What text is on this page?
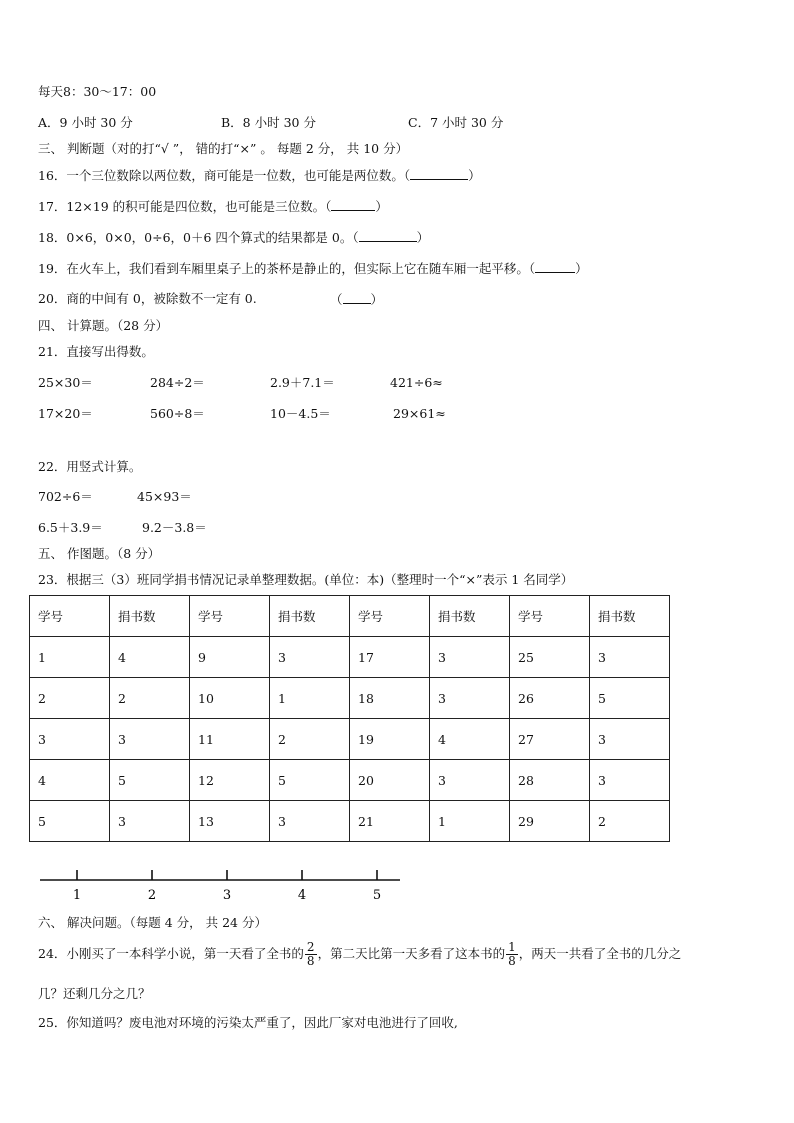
每天8：30～17：00
A．9 小时 30 分	B．8 小时 30 分	C．7 小时 30 分
三、 判断题（对的打“√ ”， 错的打“×” 。 每题 2 分， 共 10 分）
16．一个三位数除以两位数，商可能是一位数，也可能是两位数。（	）
17．12×19 的积可能是四位数，也可能是三位数。（	）
18．0×6，0×0，0÷6，0＋6 四个算式的结果都是 0。（	）
19．在火车上，我们看到车厢里桌子上的茶杯是静止的，但实际上它在随车厢一起平移。（	）
20．商的中间有 0，被除数不一定有 0.	（ ）
四、 计算题。（28 分）
21．直接写出得数。
25×30＝	284÷2＝	2.9＋7.1＝	421÷6≈
17×20＝	560÷8＝	10－4.5＝	29×61≈
22．用竖式计算。
702÷6＝	45×93＝
6.5＋3.9＝	9.2－3.8＝
五、 作图题。（8 分）
23．根据三（3）班同学捐书情况记录单整理数据。(单位：本)（整理时一个“×”表示 1 名同学）
学号	捐书数	学号	捐书数	学号	捐书数	学号	捐书数
1	4	9	3	17	3	25	3
2	2	10	1	18	3	26	5
3	3	11	2	19	4	27	3
4	5	12	5	20	3	28	3
5	3	13	3	21	1	29	2
1	2	3	4	5
六、 解决问题。（每题 4 分， 共 24 分）
24．小刚买了一本科学小说，第一天看了全书的 $\frac{2}{8}$ ，第二天比第一天多看了这本书的 $\frac{1}{8}$ ，两天一共看了全书的几分之
几？还剩几分之几？
25．你知道吗？废电池对环境的污染太严重了，因此厂家对电池进行了回收,
